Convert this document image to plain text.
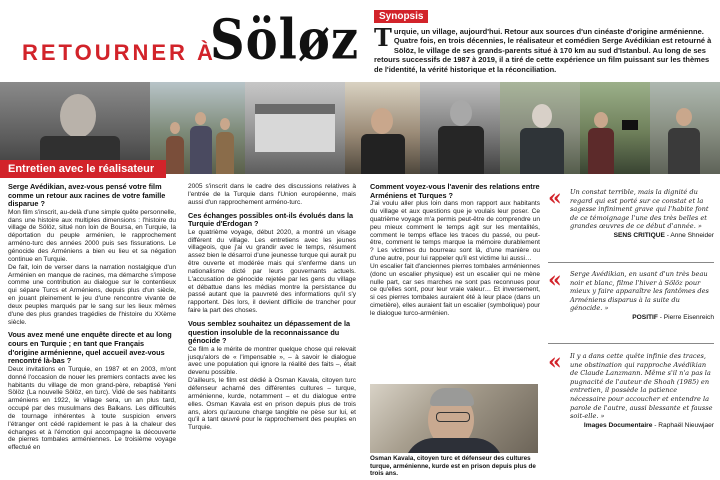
RETOURNER À
Söløz	Synopsis
T urquie, un village, aujourd'hui. Retour aux sources d'un cinéaste d'origine arménienne. Quatre fois, en trois décennies, le réalisateur et comédien Serge Avédikian est retourné à Sölöz, le village de ses grands-parents situé à 170 km au sud d'Istanbul. Au long de ses retours successifs de 1987 à 2019, il a tiré de cette expérience un film puissant sur les thèmes de l'identité, la vérité historique et la réconciliation.
Entretien avec le réalisateur

Serge Avédikian, avez-vous pensé votre film comme un retour aux racines de votre famille disparue ?

Mon film s'inscrit, au-delà d'une simple quête personnelle, dans une histoire aux multiples dimensions : l'histoire du village de Sölöz, situé non loin de Boursa, en Turquie, la déportation du peuple arménien, le rapprochement arméno-turc des années 2000 puis ses fissurations. Le génocide des Arméniens a bien eu lieu et sa négation continue en Turquie.

De fait, loin de verser dans la narration nostalgique d'un Arménien en manque de racines, ma démarche s'impose comme une contribution au dialogue sur le contentieux qui sépare Turcs et Arméniens, depuis plus d'un siècle, en jouant pleinement le jeu d'une rencontre vivante de deux peuples marqués par le sang sur les lieux mêmes d'une des plus grandes tragédies de l'histoire du XXème siècle.

Vous avez mené une enquête directe et au long cours en Turquie ; en tant que Français d'origine arménienne, quel accueil avez-vous rencontré là-bas ?

Deux invitations en Turquie, en 1987 et en 2003, m'ont donné l'occasion de nouer les premiers contacts avec les habitants du village de mon grand-père, rebaptisé Yeni Sölöz (La nouvelle Sölöz, en turc). Vidé de ses habitants arméniens en 1922, le village sera, un an plus tard, occupé par des musulmans des Balkans. Les difficultés de tournage inhérentes à toute suspicion envers l'étranger ont cédé rapidement le pas à la chaleur des échanges et à l'émotion qui accompagne la découverte de pierres tombales arméniennes. Le troisième voyage effectué en

2005 s'inscrit dans le cadre des discussions relatives à l'entrée de la Turquie dans l'Union européenne, mais aussi d'un rapprochement arméno-turc.

Ces échanges possibles ont-ils évolués dans la Turquie d'Erdogan ?

Le quatrième voyage, début 2020, a montré un visage différent du village. Les entretiens avec les jeunes villageois, que j'ai vu grandir avec le temps, résument assez bien le désarroi d'une jeunesse turque qui aurait pu être ouverte et modérée mais qui s'enferme dans un nationalisme dicté par leurs gouvernants actuels. L'accusation de génocide rejetée par les gens du village et débattue dans les médias montre la persistance du passé autant que la pauvreté des informations qu'il s'y rapportent. Dès lors, il devient difficile de trancher pour faire la part des choses.

Vous semblez souhaitez un dépassement de la question insoluble de la reconnaissance du génocide ?

Ce film a le mérite de montrer quelque chose qui relevait jusqu'alors de « l'impensable », – à savoir le dialogue avec une population qui ignore la réalité des faits –, était devenu possible.

D'ailleurs, le film est dédié à Osman Kavala, citoyen turc défenseur acharné des différentes cultures – turque, arménienne, kurde, notamment – et du dialogue entre elles. Osman Kavala est en prison depuis plus de trois ans, alors qu'aucune charge tangible ne pèse sur lui, et qu'il a tant œuvré pour le rapprochement des peuples en Turquie.

Comment voyez-vous l'avenir des relations entre Arméniens et Turques ?

J'ai voulu aller plus loin dans mon rapport aux habitants du village et aux questions que je voulais leur poser. Ce quatrième voyage m'a permis peut-être de comprendre un peu mieux comment le temps agit sur les mentalités, comment le temps efface les traces du passé, ou peut-être, comment le temps marque la mémoire durablement ? Les victimes du bourreau sont là, d'une manière ou d'une autre, pour lui rappeler qu'il est victime lui aussi…

Un escalier fait d'anciennes pierres tombales arméniennes (donc un escalier physique) est un escalier qui ne mène nulle part, car ses marches ne sont pas reconnues pour ce qu'elles sont, pour leur vraie valeur… Et inversement, si ces pierres tombales auraient été à leur place (dans un cimetière), elles auraient fait un escalier (symbolique) pour le dialogue turco-arménien.

Osman Kavala, citoyen turc et défenseur des cultures turque, arménienne, kurde est en prison depuis plus de trois ans.
« Un constat terrible, mais la dignité du regard qui est porté sur ce constat et la sagesse infiniment grave qui l'habite font de ce témoignage l'une des très belles et grandes œuvres de ce début d'année. »
SENS CRITIQUE - Anne Shneider
« Serge Avédikian, en usant d'un très beau noir et blanc, filme l'hiver à Sölöz pour mieux y faire apparaître les fantômes des Arméniens disparus à la suite du génocide. »
POSITIF - Pierre Eisenreich
« Il y a dans cette quête infinie des traces, une obstination qui rapproche Avédikian de Claude Lanzmann. Même s'il n'a pas la pugnacité de l'auteur de Shoah (1985) en entretien, il possède la patience nécessaire pour accoucher et entendre la parole de l'autre, aussi blessante et fausse soit-elle. »
Images Documentaire - Raphaël Nieuwjaer
